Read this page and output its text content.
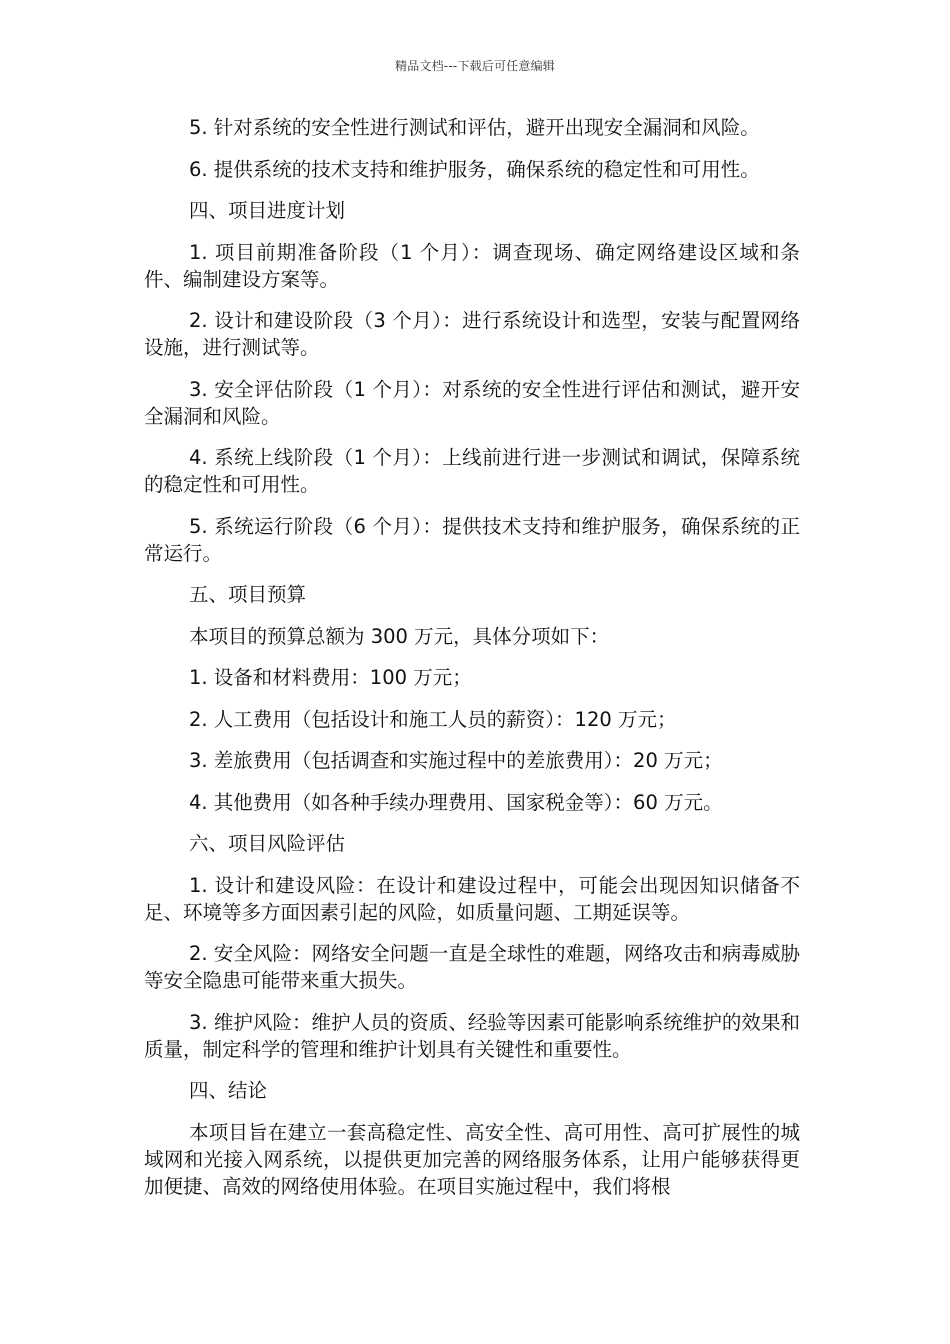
精品文档---下载后可任意编辑

5. 针对系统的安全性进行测试和评估，避开出现安全漏洞和风险。

6. 提供系统的技术支持和维护服务，确保系统的稳定性和可用性。

四、项目进度计划

1. 项目前期准备阶段（1 个月）：调查现场、确定网络建设区域和条件、编制建设方案等。

2. 设计和建设阶段（3 个月）：进行系统设计和选型，安装与配置网络设施，进行测试等。

3. 安全评估阶段（1 个月）：对系统的安全性进行评估和测试，避开安全漏洞和风险。

4. 系统上线阶段（1 个月）：上线前进行进一步测试和调试，保障系统的稳定性和可用性。

5. 系统运行阶段（6 个月）：提供技术支持和维护服务，确保系统的正常运行。

五、项目预算

本项目的预算总额为 300 万元，具体分项如下：

1. 设备和材料费用：100 万元；

2. 人工费用（包括设计和施工人员的薪资）：120 万元；

3. 差旅费用（包括调查和实施过程中的差旅费用）：20 万元；

4. 其他费用（如各种手续办理费用、国家税金等）：60 万元。

六、项目风险评估

1. 设计和建设风险：在设计和建设过程中，可能会出现因知识储备不足、环境等多方面因素引起的风险，如质量问题、工期延误等。

2. 安全风险：网络安全问题一直是全球性的难题，网络攻击和病毒威胁等安全隐患可能带来重大损失。

3. 维护风险：维护人员的资质、经验等因素可能影响系统维护的效果和质量，制定科学的管理和维护计划具有关键性和重要性。

四、结论

本项目旨在建立一套高稳定性、高安全性、高可用性、高可扩展性的城域网和光接入网系统，以提供更加完善的网络服务体系，让用户能够获得更加便捷、高效的网络使用体验。在项目实施过程中，我们将根
